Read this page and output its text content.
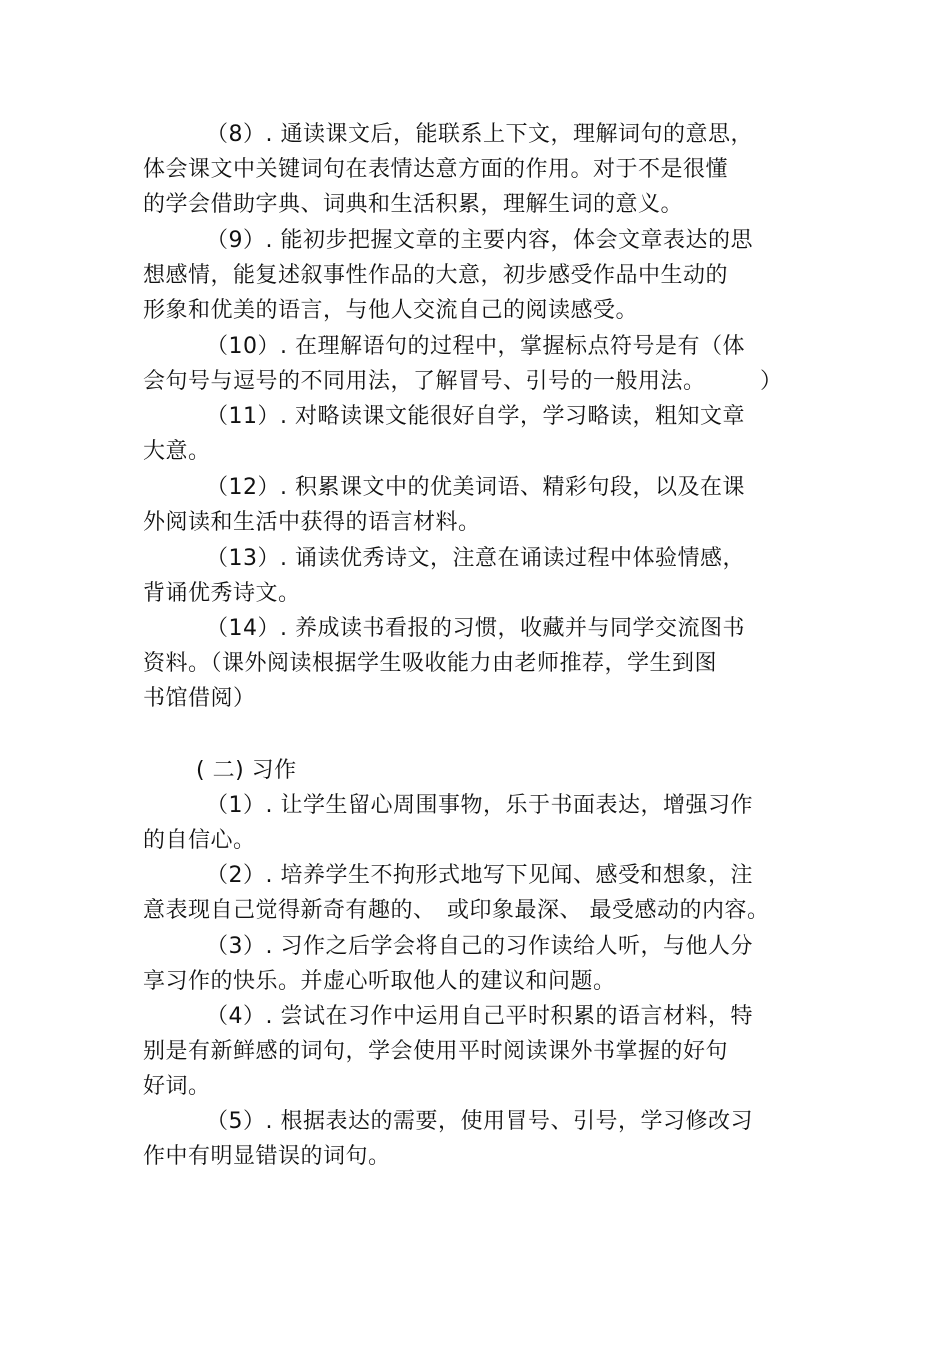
（8）. 通读课文后，能联系上下文，理解词句的意思，
体会课文中关键词句在表情达意方面的作用。对于不是很懂
的学会借助字典、词典和生活积累，理解生词的意义。
（9）. 能初步把握文章的主要内容，体会文章表达的思
想感情，能复述叙事性作品的大意，初步感受作品中生动的
形象和优美的语言，与他人交流自己的阅读感受。
（10）. 在理解语句的过程中，掌握标点符号是有（体
会句号与逗号的不同用法，了解冒号、引号的一般用法。 ）
（11）. 对略读课文能很好自学，学习略读，粗知文章
大意。
（12）. 积累课文中的优美词语、精彩句段，以及在课
外阅读和生活中获得的语言材料。
（13）. 诵读优秀诗文，注意在诵读过程中体验情感，
背诵优秀诗文。
（14）. 养成读书看报的习惯，收藏并与同学交流图书
资料。（课外阅读根据学生吸收能力由老师推荐，学生到图
书馆借阅）
( 二) 习作
（1）. 让学生留心周围事物，乐于书面表达，增强习作
的自信心。
（2）. 培养学生不拘形式地写下见闻、感受和想象，注
意表现自己觉得新奇有趣的、　或印象最深、 最受感动的内容。
（3）. 习作之后学会将自己的习作读给人听，与他人分
享习作的快乐。并虚心听取他人的建议和问题。
（4）. 尝试在习作中运用自己平时积累的语言材料，特
别是有新鲜感的词句，学会使用平时阅读课外书掌握的好句
好词。
（5）. 根据表达的需要，使用冒号、引号，学习修改习
作中有明显错误的词句。
